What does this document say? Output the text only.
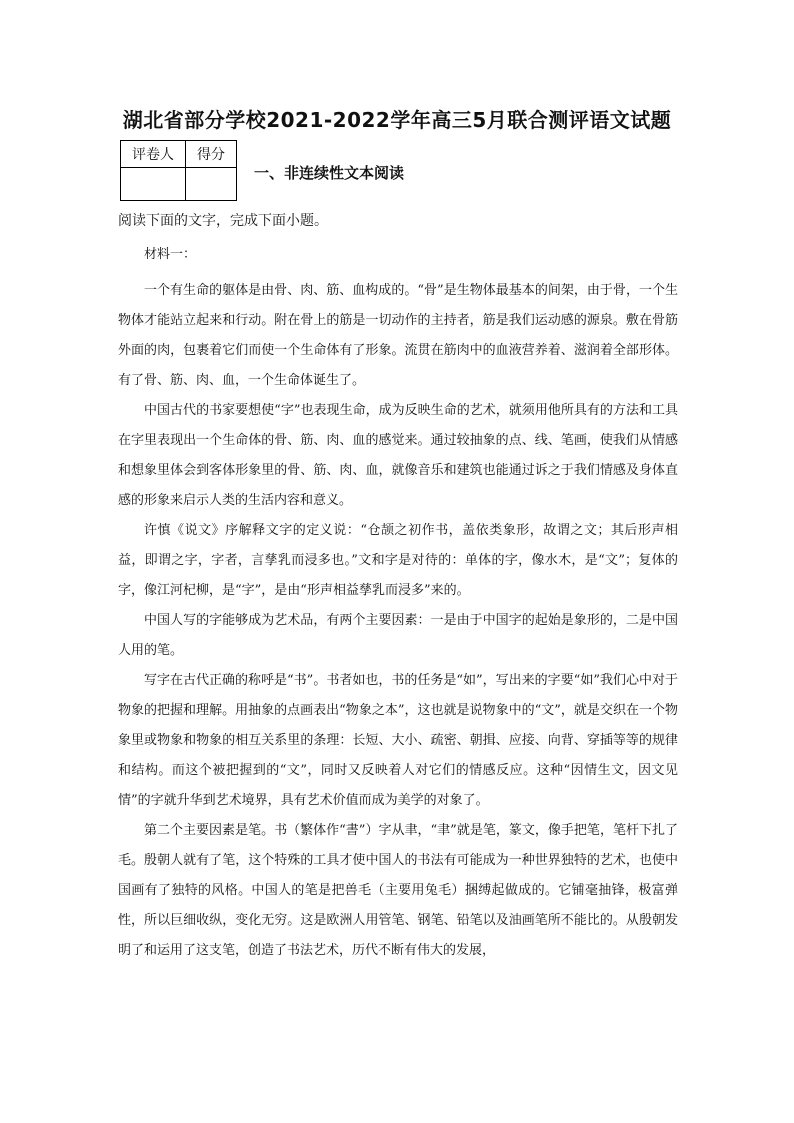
湖北省部分学校2021-2022学年高三5月联合测评语文试题
评卷人	得分

一、非连续性文本阅读
阅读下面的文字，完成下面小题。

材料一：

一个有生命的躯体是由骨、肉、筋、血构成的。“骨”是生物体最基本的间架，由于骨，一个生物体才能站立起来和行动。附在骨上的筋是一切动作的主持者，筋是我们运动感的源泉。敷在骨筋外面的肉，包裹着它们而使一个生命体有了形象。流贯在筋肉中的血液营养着、滋润着全部形体。有了骨、筋、肉、血，一个生命体诞生了。

中国古代的书家要想使“字”也表现生命，成为反映生命的艺术，就须用他所具有的方法和工具在字里表现出一个生命体的骨、筋、肉、血的感觉来。通过较抽象的点、线、笔画，使我们从情感和想象里体会到客体形象里的骨、筋、肉、血，就像音乐和建筑也能通过诉之于我们情感及身体直感的形象来启示人类的生活内容和意义。

许慎《说文》序解释文字的定义说：“仓颉之初作书，盖依类象形，故谓之文；其后形声相益，即谓之字，字者，言孳乳而浸多也。”文和字是对待的：单体的字，像水木，是“文”；复体的字，像江河杞柳，是“字”，是由“形声相益孳乳而浸多”来的。

中国人写的字能够成为艺术品，有两个主要因素：一是由于中国字的起始是象形的，二是中国人用的笔。

写字在古代正确的称呼是“书”。书者如也，书的任务是“如”，写出来的字要“如”我们心中对于物象的把握和理解。用抽象的点画表出“物象之本”，这也就是说物象中的“文”，就是交织在一个物象里或物象和物象的相互关系里的条理：长短、大小、疏密、朝揖、应接、向背、穿插等等的规律和结构。而这个被把握到的“文”，同时又反映着人对它们的情感反应。这种“因情生文，因文见情”的字就升华到艺术境界，具有艺术价值而成为美学的对象了。

第二个主要因素是笔。书（繁体作“書”）字从聿，“聿”就是笔，篆文，像手把笔，笔杆下扎了毛。殷朝人就有了笔，这个特殊的工具才使中国人的书法有可能成为一种世界独特的艺术，也使中国画有了独特的风格。中国人的笔是把兽毛（主要用兔毛）捆缚起做成的。它铺毫抽锋，极富弹性，所以巨细收纵，变化无穷。这是欧洲人用管笔、钢笔、铅笔以及油画笔所不能比的。从殷朝发明了和运用了这支笔，创造了书法艺术，历代不断有伟大的发展，
